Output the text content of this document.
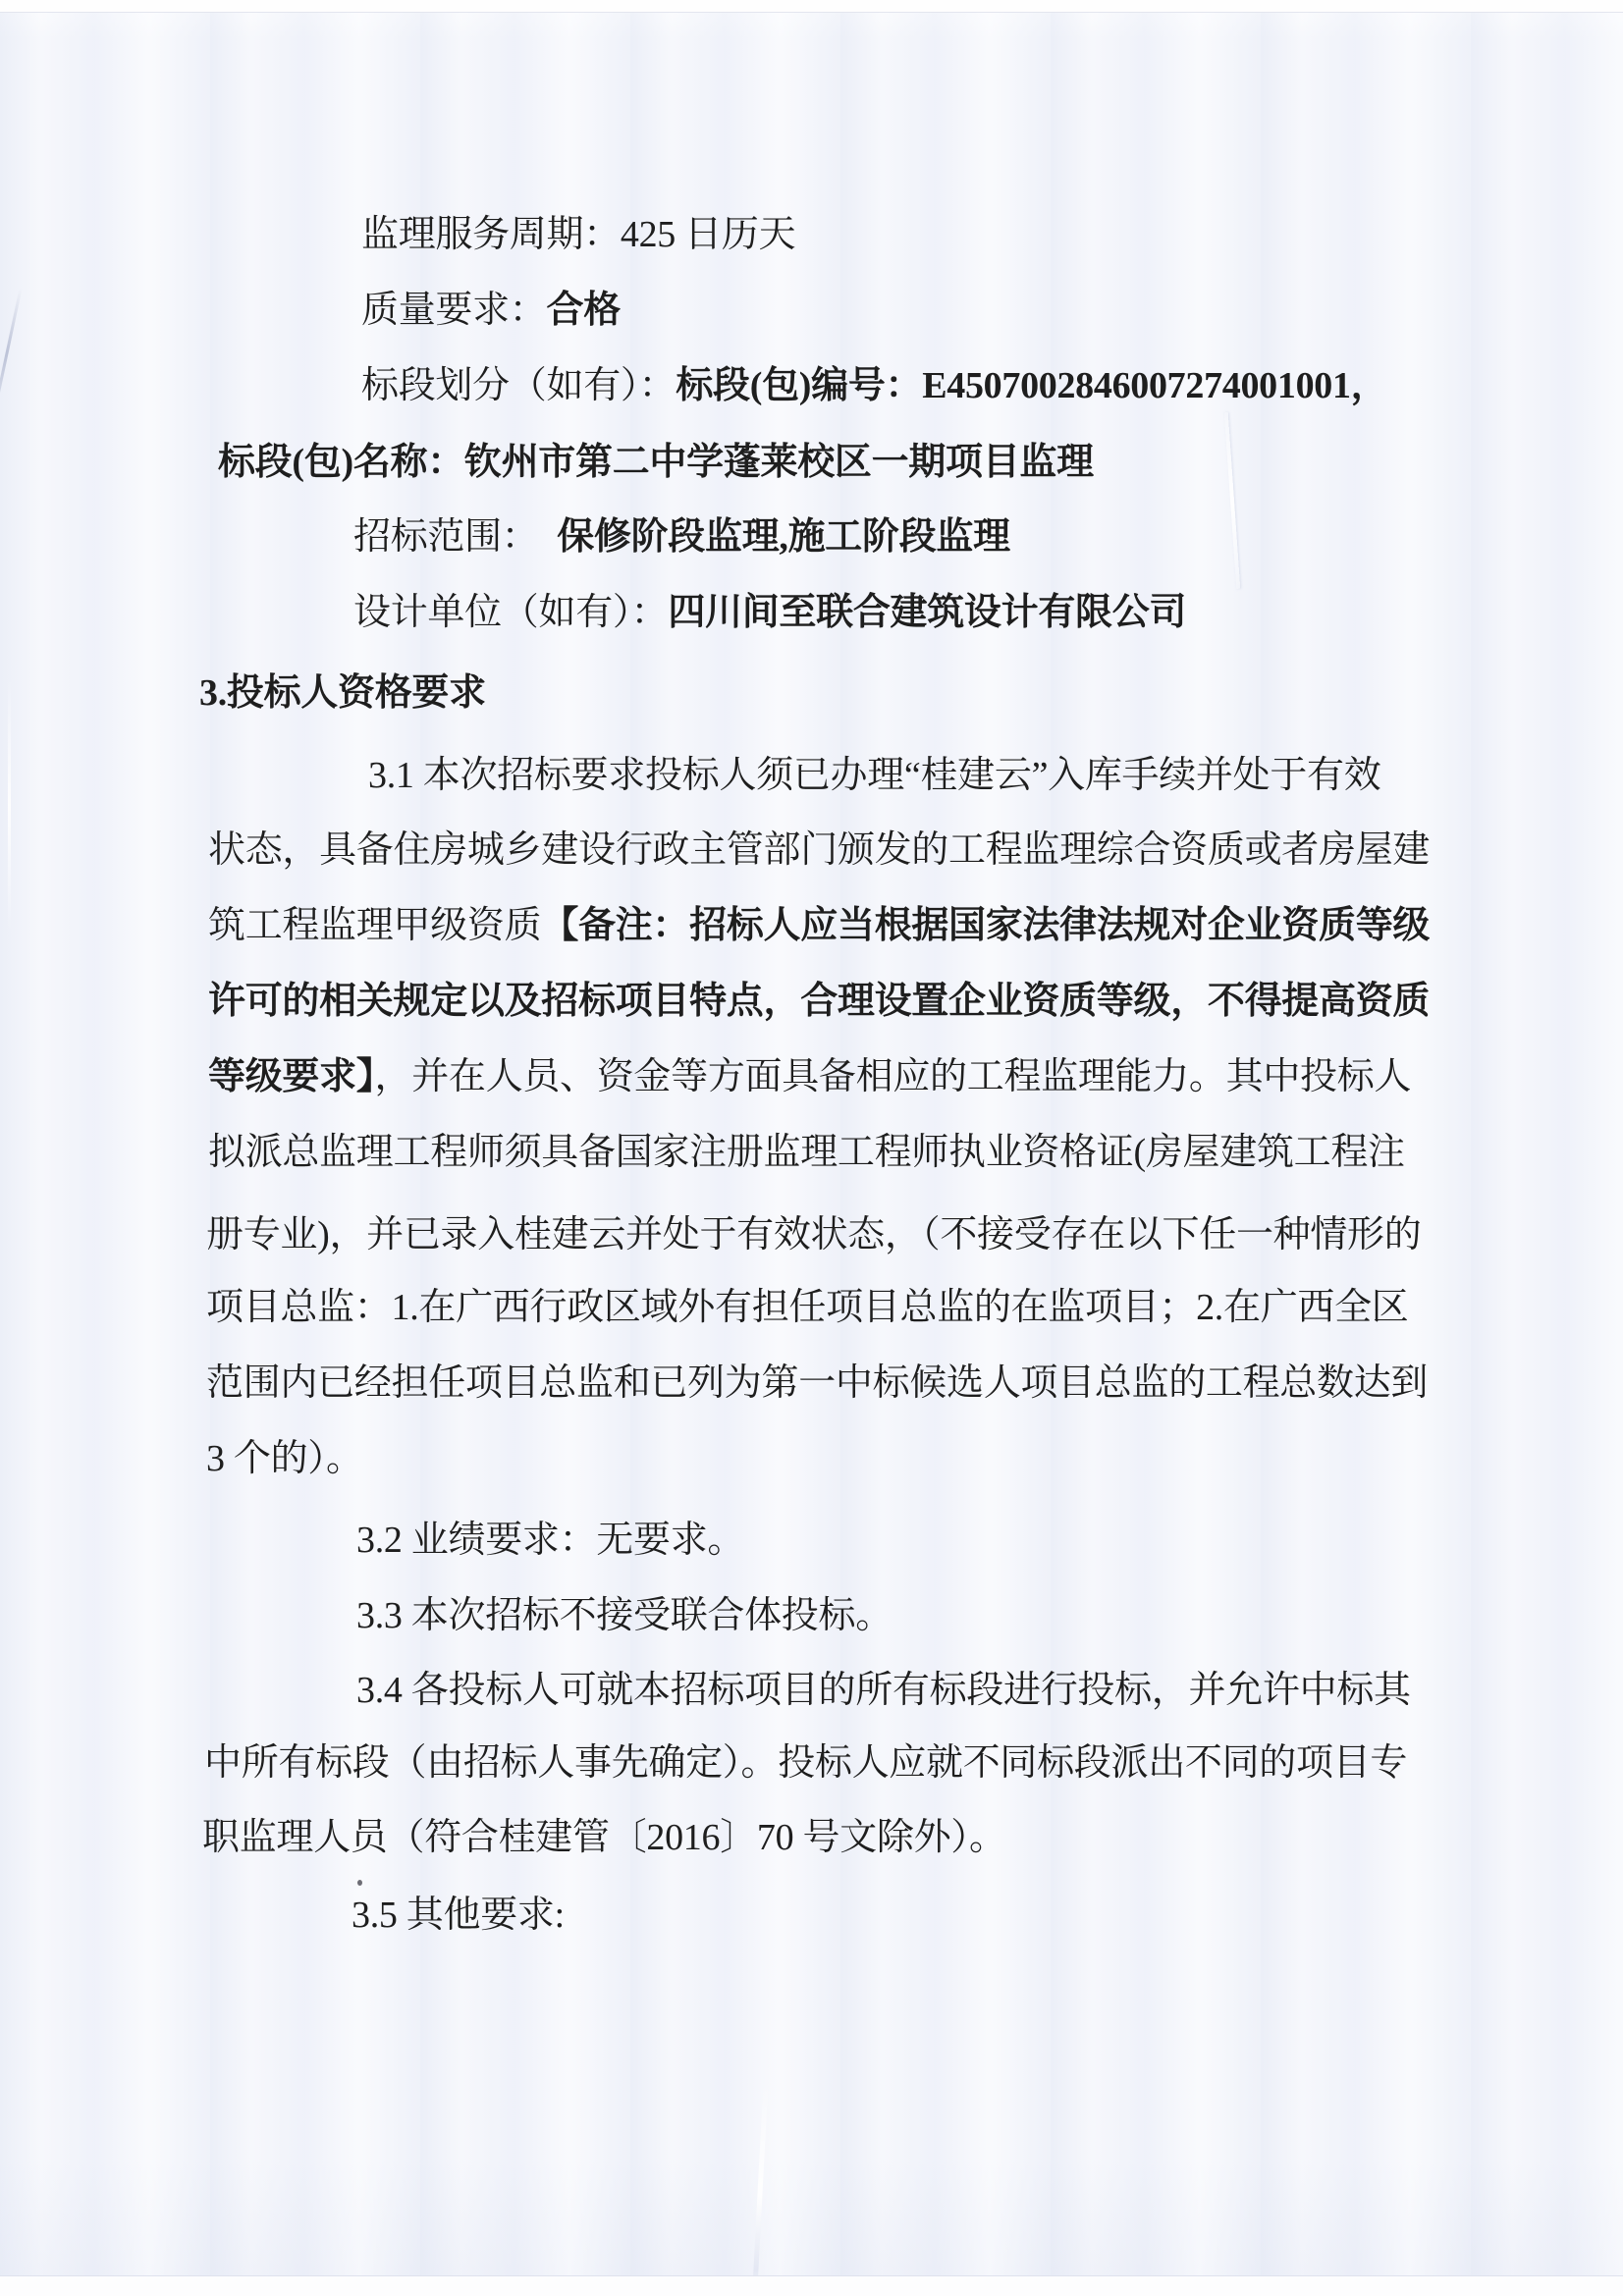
监理服务周期：425 日历天
质量要求：合格
标段划分（如有）：标段(包)编号：E4507002846007274001001，
标段(包)名称：钦州市第二中学蓬莱校区一期项目监理
招标范围：　保修阶段监理,施工阶段监理
设计单位（如有）：四川间至联合建筑设计有限公司
3.投标人资格要求
3.1 本次招标要求投标人须已办理“桂建云”入库手续并处于有效
状态，具备住房城乡建设行政主管部门颁发的工程监理综合资质或者房屋建
筑工程监理甲级资质【备注：招标人应当根据国家法律法规对企业资质等级
许可的相关规定以及招标项目特点，合理设置企业资质等级，不得提高资质
等级要求】，并在人员、资金等方面具备相应的工程监理能力。其中投标人
拟派总监理工程师须具备国家注册监理工程师执业资格证(房屋建筑工程注
册专业)，并已录入桂建云并处于有效状态，（不接受存在以下任一种情形的
项目总监：1.在广西行政区域外有担任项目总监的在监项目；2.在广西全区
范围内已经担任项目总监和已列为第一中标候选人项目总监的工程总数达到
3 个的）。
3.2 业绩要求：无要求。
3.3 本次招标不接受联合体投标。
3.4 各投标人可就本招标项目的所有标段进行投标，并允许中标其
中所有标段（由招标人事先确定）。投标人应就不同标段派出不同的项目专
职监理人员（符合桂建管〔2016〕70 号文除外）。
3.5 其他要求:
